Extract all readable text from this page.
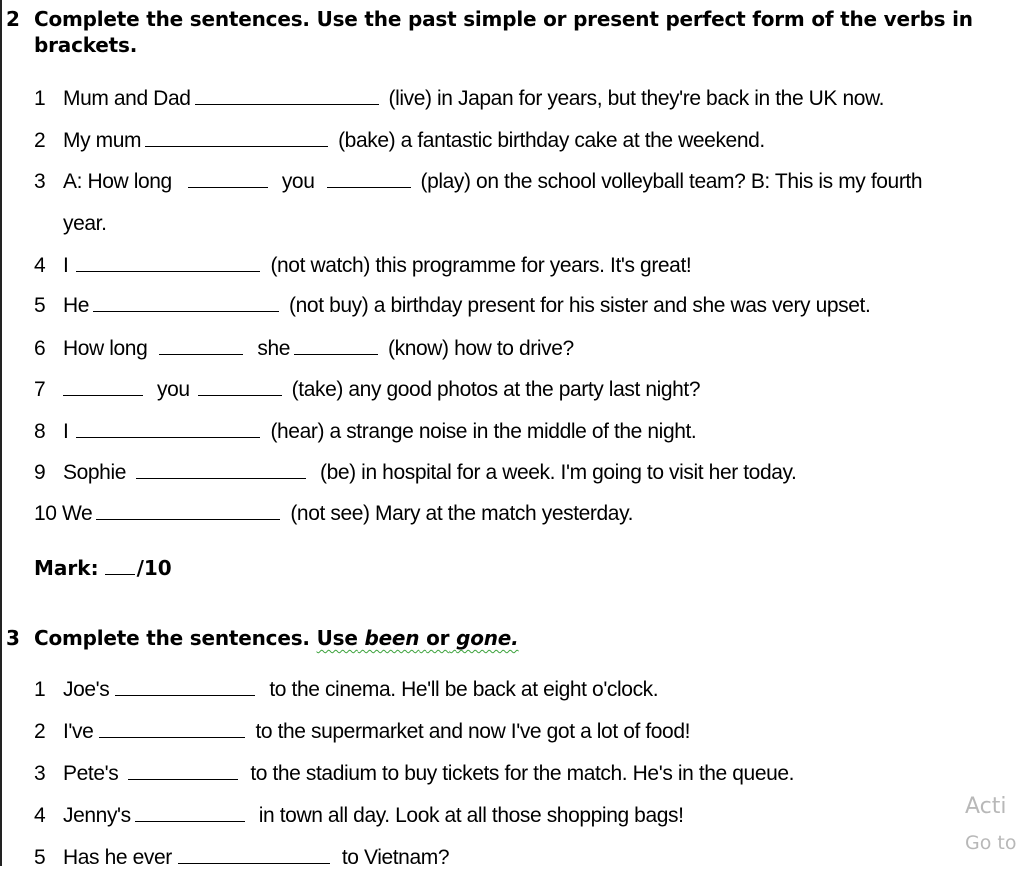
2 Complete the sentences. Use the past simple or present perfect form of the verbs in
brackets.
1 Mum and Dad	(live) in Japan for years, but they're back in the UK now.
2 My mum	(bake) a fantastic birthday cake at the weekend.
3 A: How long	you	(play) on the school volleyball team? B: This is my fourth
year.
4 I	(not watch) this programme for years. It's great!
5 He	(not buy) a birthday present for his sister and she was very upset.
6 How long	she	(know) how to drive?
7	you	(take) any good photos at the party last night?
8 I	(hear) a strange noise in the middle of the night.
9 Sophie	(be) in hospital for a week. I'm going to visit her today.
10 We	(not see) Mary at the match yesterday.
Mark: /10
3 Complete the sentences. Use been or gone.
1 Joe's	to the cinema. He'll be back at eight o'clock.
2 I've	to the supermarket and now I've got a lot of food!
3 Pete's	to the stadium to buy tickets for the match. He's in the queue.
4 Jenny's	in town all day. Look at all those shopping bags!
5 Has he ever	to Vietnam?
Acti
Go to
